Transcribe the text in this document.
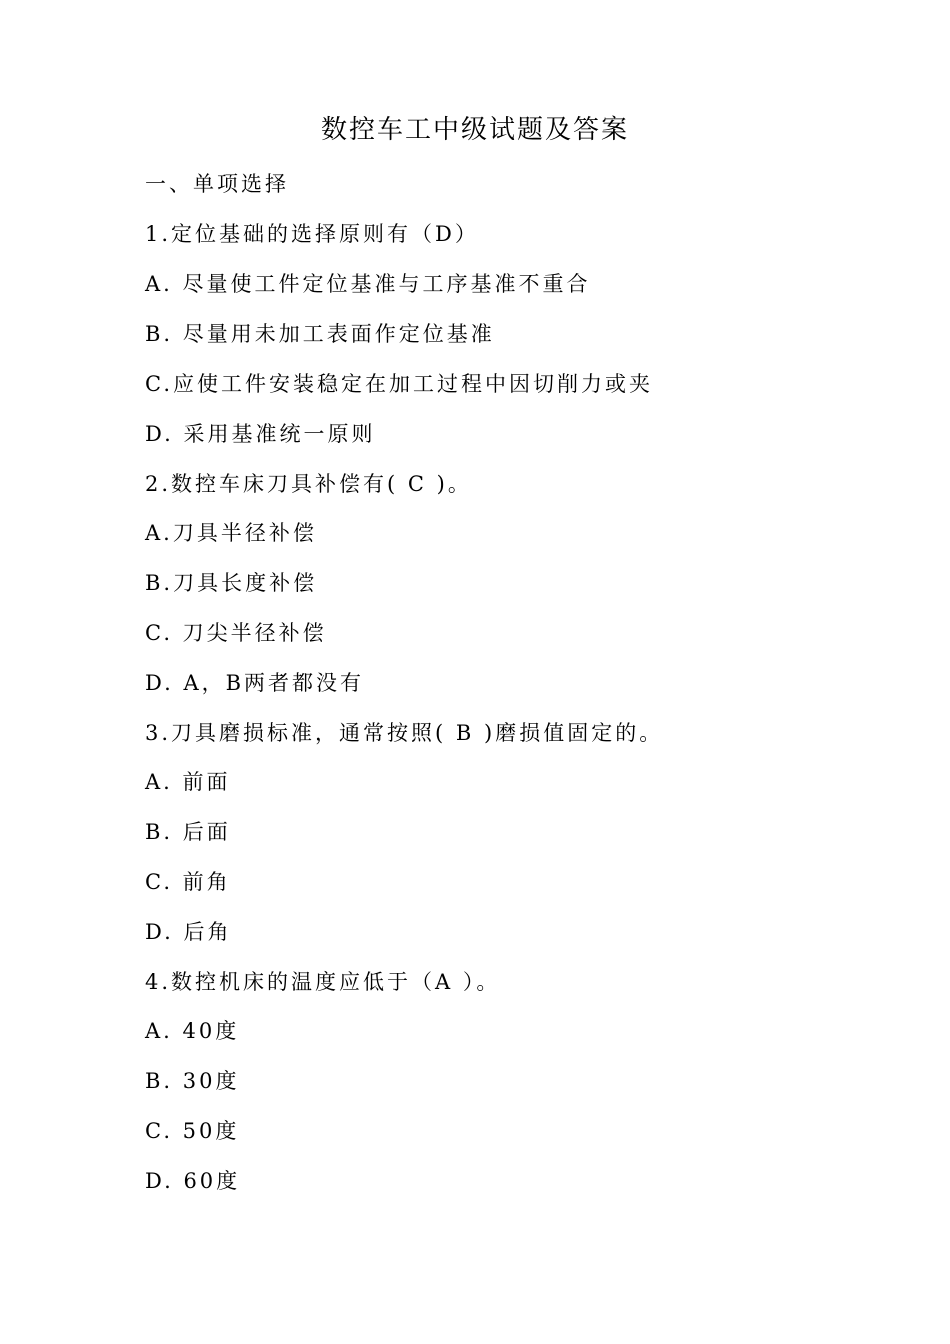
数控车工中级试题及答案
一、单项选择
1.定位基础的选择原则有（D）
A. 尽量使工件定位基准与工序基准不重合
B. 尽量用未加工表面作定位基准
C.应使工件安装稳定在加工过程中因切削力或夹
D. 采用基准统一原则
2.数控车床刀具补偿有( C )。
A.刀具半径补偿
B.刀具长度补偿
C. 刀尖半径补偿
D. A，B两者都没有
3.刀具磨损标准，通常按照( B )磨损值固定的。
A. 前面
B. 后面
C. 前角
D. 后角
4.数控机床的温度应低于（A ）。
A. 40度
B. 30度
C. 50度
D. 60度
